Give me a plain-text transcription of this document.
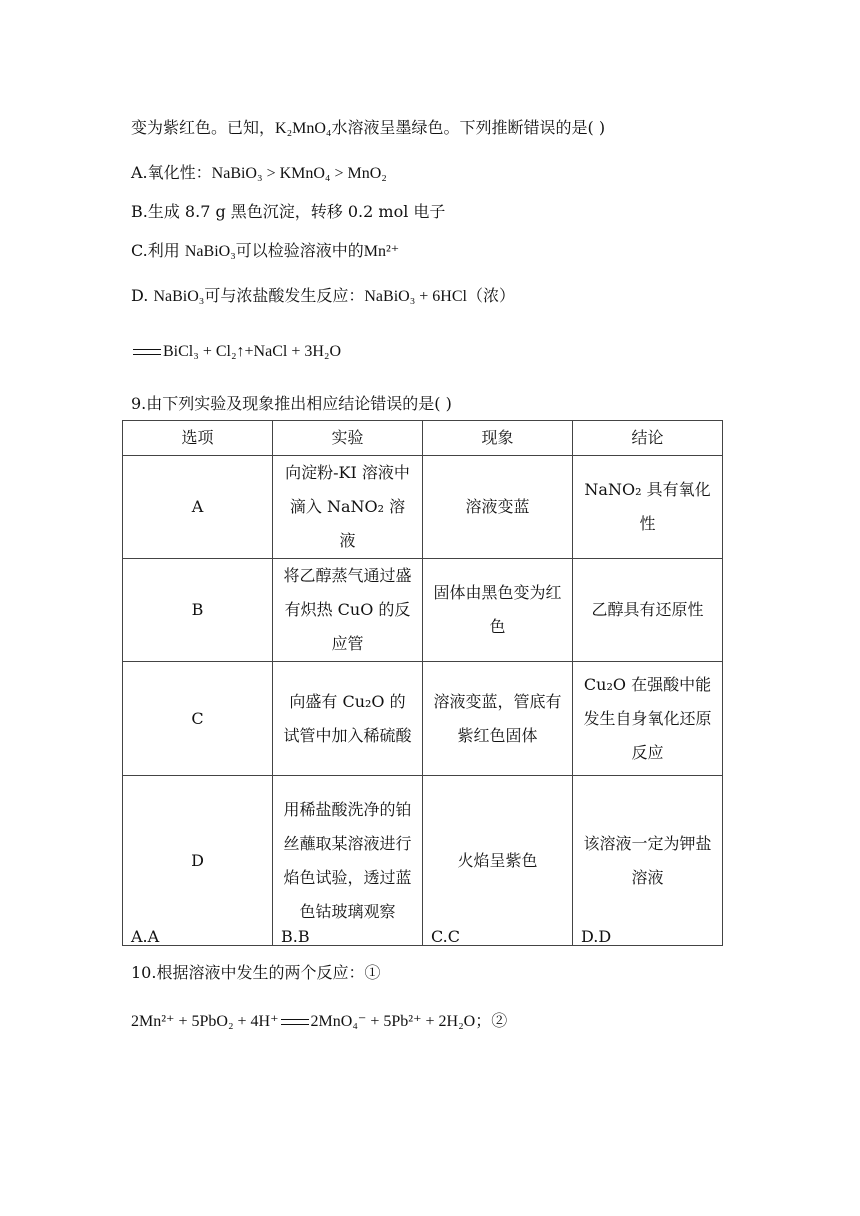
变为紫红色。已知，K₂MnO₄水溶液呈墨绿色。下列推断错误的是( )
A.氧化性：NaBiO₃ > KMnO₄ > MnO₂
B.生成 8.7 g 黑色沉淀，转移 0.2 mol 电子
C.利用 NaBiO₃可以检验溶液中的Mn²⁺
D. NaBiO₃可与浓盐酸发生反应：NaBiO₃ + 6HCl（浓）
BiCl₃ + Cl₂↑+NaCl + 3H₂O
9.由下列实验及现象推出相应结论错误的是( )
选项	实验	现象	结论
A	向淀粉-KI 溶液中滴入 NaNO₂ 溶液	溶液变蓝	NaNO₂ 具有氧化性
B	将乙醇蒸气通过盛有炽热 CuO 的反应管	固体由黑色变为红色	乙醇具有还原性
C	向盛有 Cu₂O 的试管中加入稀硫酸	溶液变蓝，管底有紫红色固体	Cu₂O 在强酸中能发生自身氧化还原反应
D	用稀盐酸洗净的铂丝蘸取某溶液进行焰色试验，透过蓝色钴玻璃观察	火焰呈紫色	该溶液一定为钾盐溶液
A.A	B.B	C.C	D.D
10.根据溶液中发生的两个反应：①
2Mn²⁺ + 5PbO₂ + 4H⁺ 2MnO₄⁻ + 5Pb²⁺ + 2H₂O；②
